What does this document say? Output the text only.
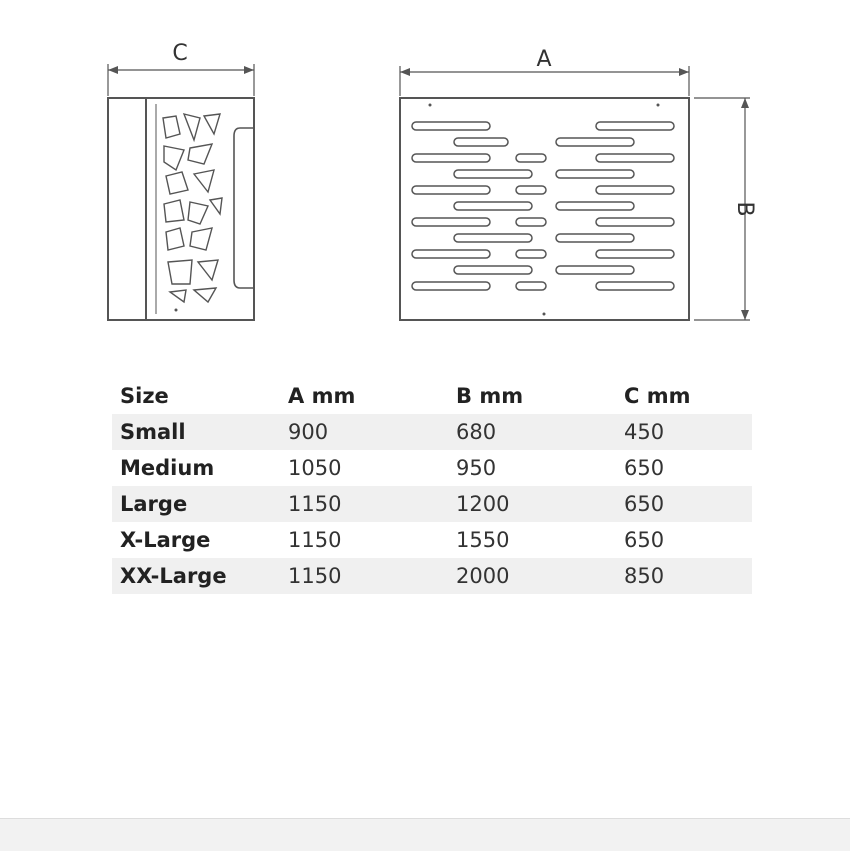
C	A
B
Size	A mm	B mm	C mm
Small	900	680	450
Medium	1050	950	650
Large	1150	1200	650
X-Large	1150	1550	650
XX-Large	1150	2000	850
